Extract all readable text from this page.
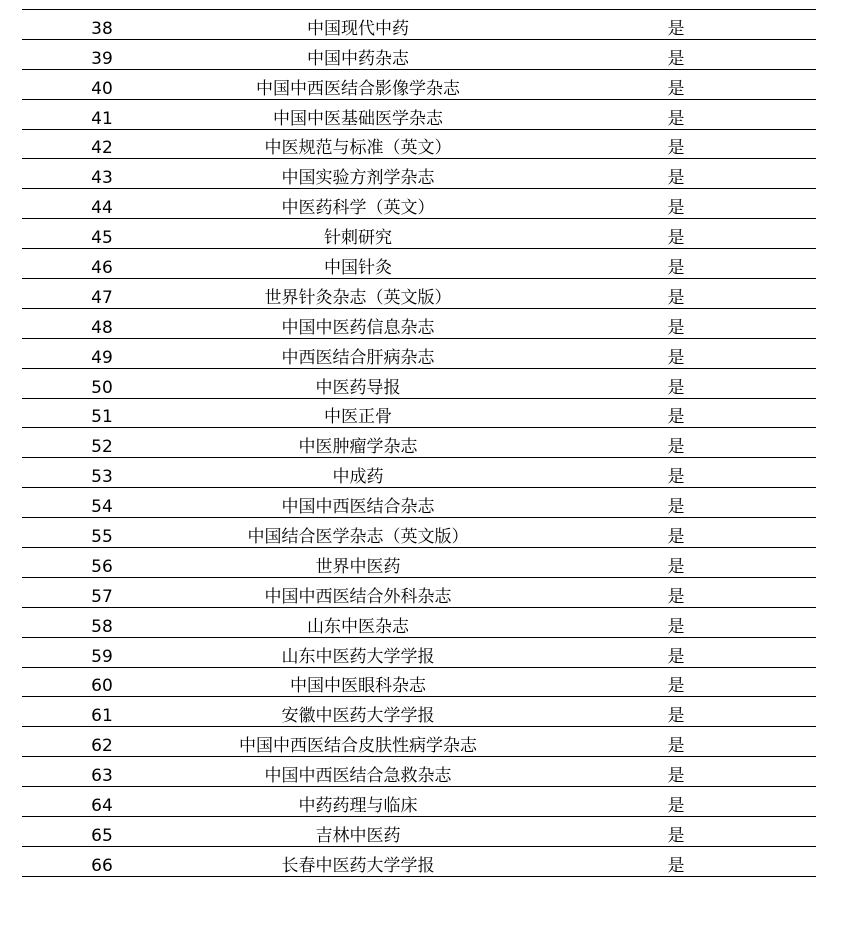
38	中国现代中药	是
39	中国中药杂志	是
40	中国中西医结合影像学杂志	是
41	中国中医基础医学杂志	是
42	中医规范与标准（英文）	是
43	中国实验方剂学杂志	是
44	中医药科学（英文）	是
45	针刺研究	是
46	中国针灸	是
47	世界针灸杂志（英文版）	是
48	中国中医药信息杂志	是
49	中西医结合肝病杂志	是
50	中医药导报	是
51	中医正骨	是
52	中医肿瘤学杂志	是
53	中成药	是
54	中国中西医结合杂志	是
55	中国结合医学杂志（英文版）	是
56	世界中医药	是
57	中国中西医结合外科杂志	是
58	山东中医杂志	是
59	山东中医药大学学报	是
60	中国中医眼科杂志	是
61	安徽中医药大学学报	是
62	中国中西医结合皮肤性病学杂志	是
63	中国中西医结合急救杂志	是
64	中药药理与临床	是
65	吉林中医药	是
66	长春中医药大学学报	是
